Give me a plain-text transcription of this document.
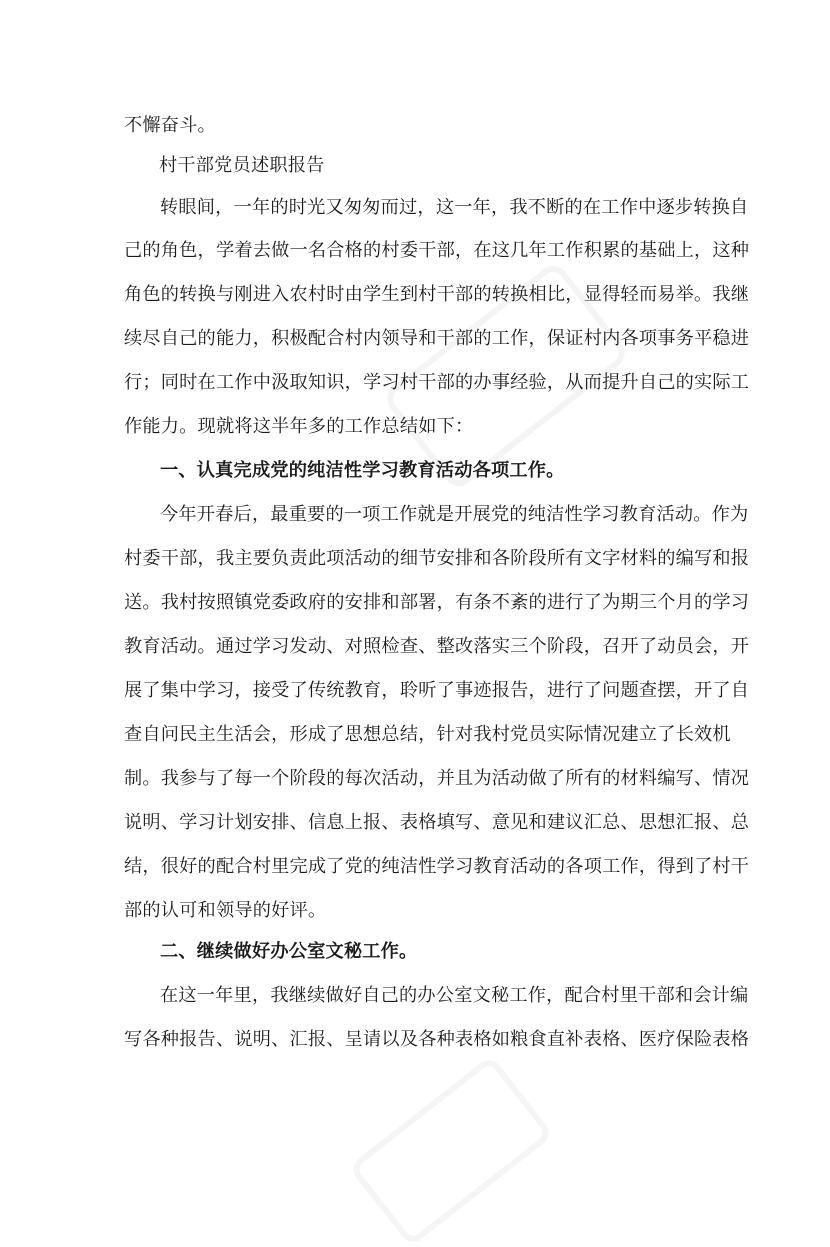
不懈奋斗。
村干部党员述职报告
转眼间，一年的时光又匆匆而过，这一年，我不断的在工作中逐步转换自
己的角色，学着去做一名合格的村委干部，在这几年工作积累的基础上，这种
角色的转换与刚进入农村时由学生到村干部的转换相比，显得轻而易举。我继
续尽自己的能力，积极配合村内领导和干部的工作，保证村内各项事务平稳进
行；同时在工作中汲取知识，学习村干部的办事经验，从而提升自己的实际工
作能力。现就将这半年多的工作总结如下：
一、认真完成党的纯洁性学习教育活动各项工作。
今年开春后，最重要的一项工作就是开展党的纯洁性学习教育活动。作为
村委干部，我主要负责此项活动的细节安排和各阶段所有文字材料的编写和报
送。我村按照镇党委政府的安排和部署，有条不紊的进行了为期三个月的学习
教育活动。通过学习发动、对照检查、整改落实三个阶段，召开了动员会，开
展了集中学习，接受了传统教育，聆听了事迹报告，进行了问题查摆，开了自
查自问民主生活会，形成了思想总结，针对我村党员实际情况建立了长效机
制。我参与了每一个阶段的每次活动，并且为活动做了所有的材料编写、情况
说明、学习计划安排、信息上报、表格填写、意见和建议汇总、思想汇报、总
结，很好的配合村里完成了党的纯洁性学习教育活动的各项工作，得到了村干
部的认可和领导的好评。
二、继续做好办公室文秘工作。
在这一年里，我继续做好自己的办公室文秘工作，配合村里干部和会计编
写各种报告、说明、汇报、呈请以及各种表格如粮食直补表格、医疗保险表格
